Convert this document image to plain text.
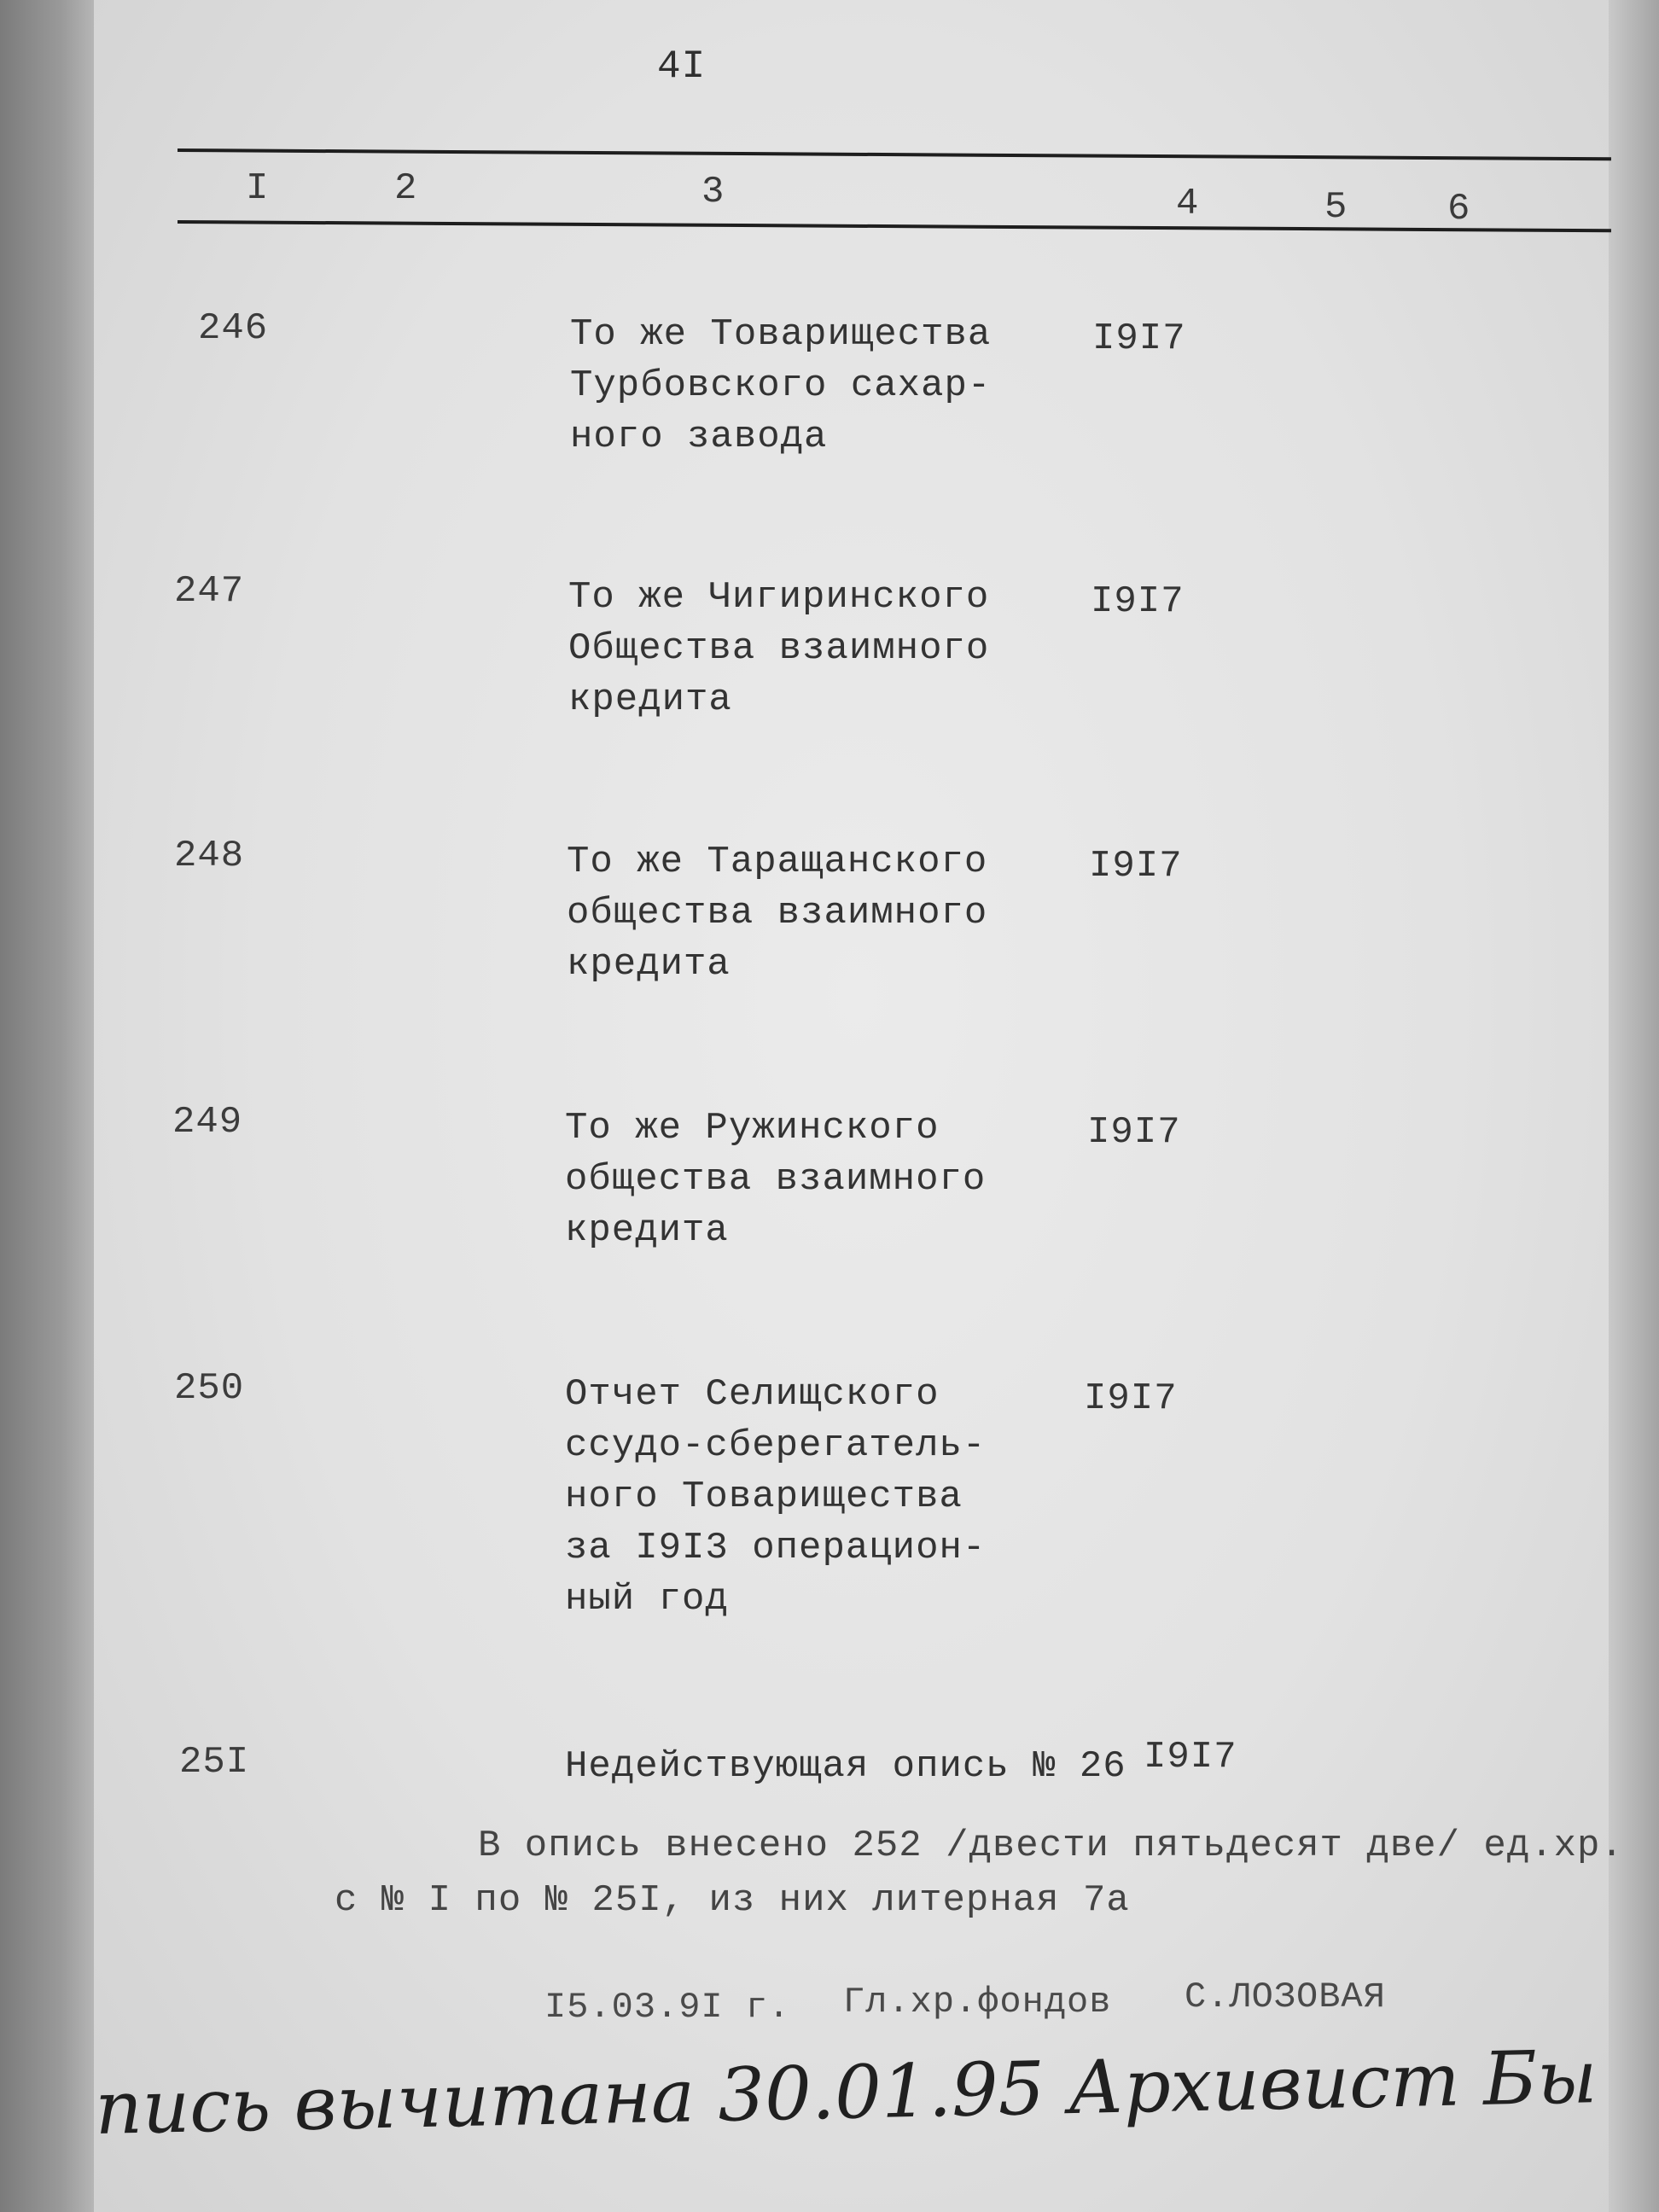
4I
I	2	3	4	5	6
246	То же Товарищества
Турбовского сахар-
ного завода
I9I7
247	То же Чигиринского
Общества взаимного
кредита
I9I7
248	То же Таращанского
общества взаимного
кредита
I9I7
249	То же Ружинского
общества взаимного
кредита
I9I7
250	Отчет Селищского
ссудо-сберегатель-
ного Товарищества
за I9I3 операцион-
ный год
I9I7
25I	Недействующая опись № 26 I9I7
В опись внесено 252 /двести пятьдесят две/ ед.хр.
с № I по № 25I, из них литерная 7а
I5.03.9I г. Гл.хр.фондов С.ЛОЗОВАЯ
пись вычитана 30.01.95 Архивист Бы
